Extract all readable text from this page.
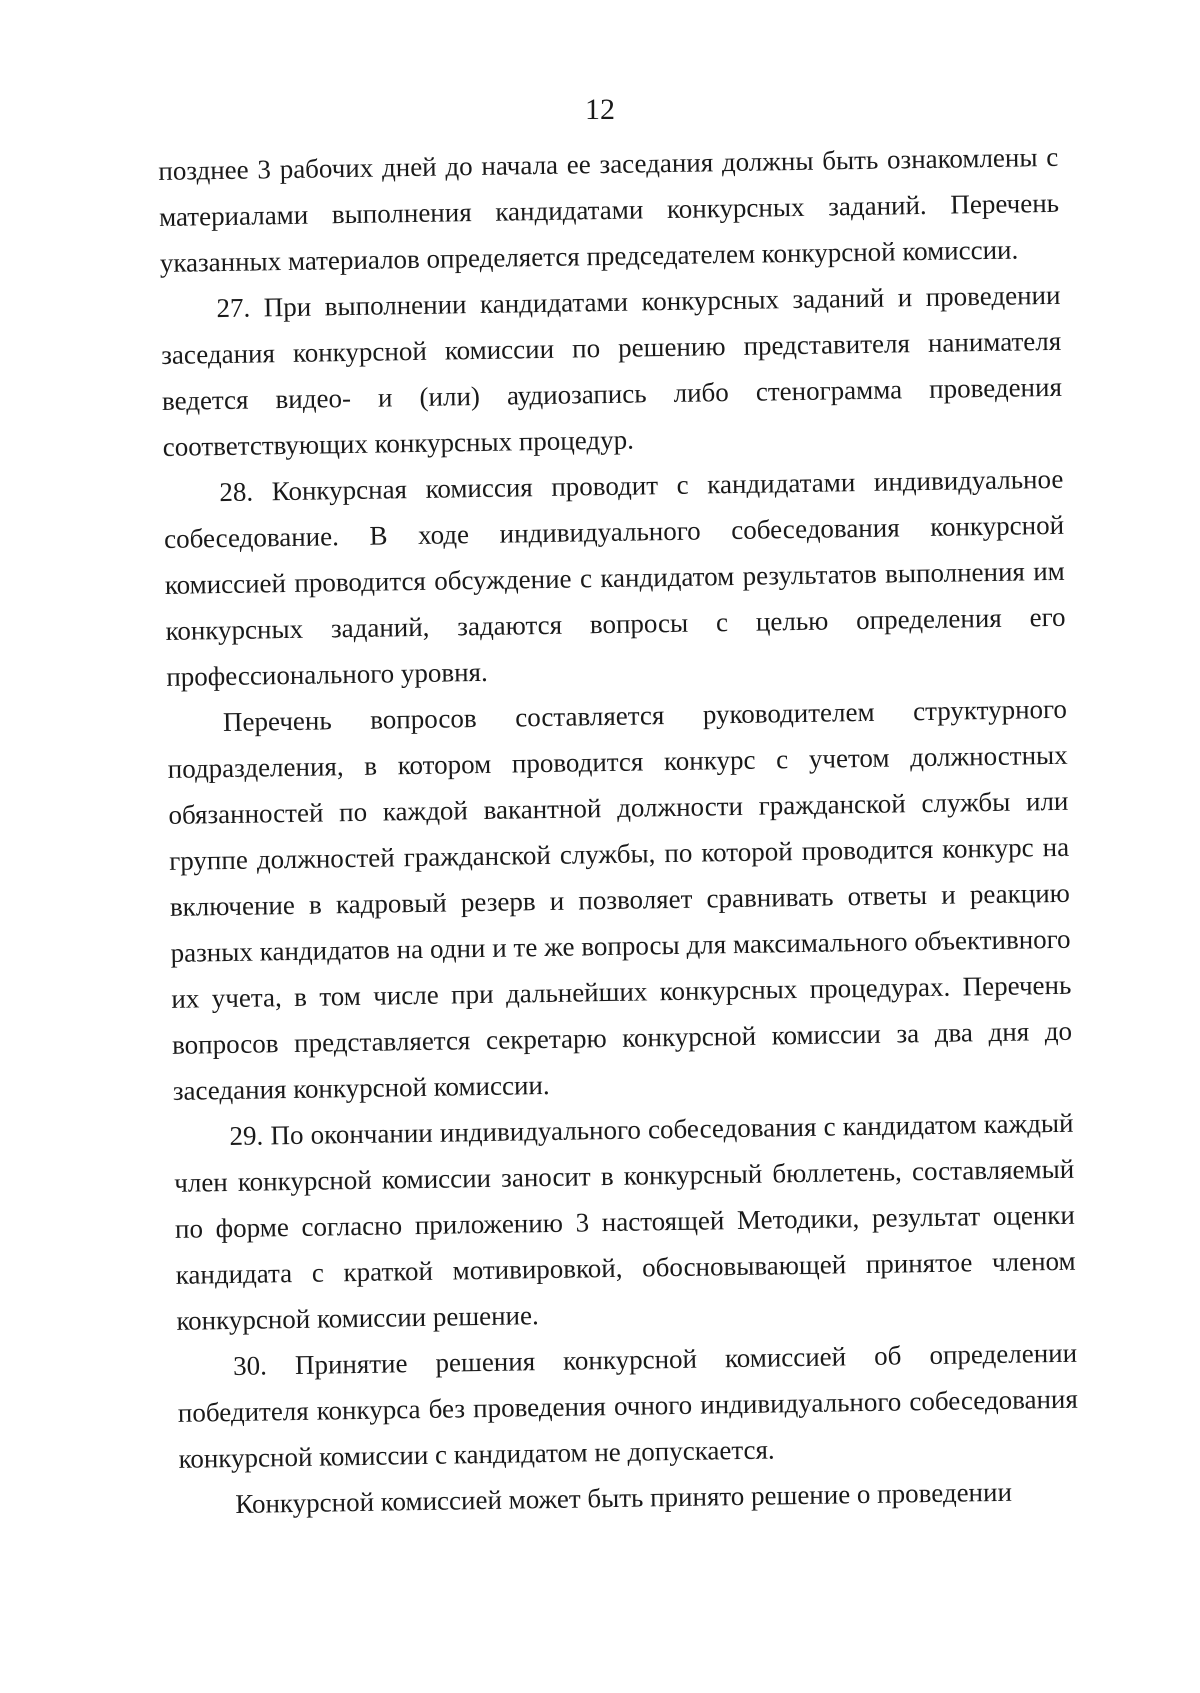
12

позднее 3 рабочих дней до начала ее заседания должны быть ознакомлены с материалами выполнения кандидатами конкурсных заданий. Перечень указанных материалов определяется председателем конкурсной комиссии.

27. При выполнении кандидатами конкурсных заданий и проведении заседания конкурсной комиссии по решению представителя нанимателя ведется видео- и (или) аудиозапись либо стенограмма проведения соответствующих конкурсных процедур.

28. Конкурсная комиссия проводит с кандидатами индивидуальное собеседование. В ходе индивидуального собеседования конкурсной комиссией проводится обсуждение с кандидатом результатов выполнения им конкурсных заданий, задаются вопросы с целью определения его профессионального уровня.

Перечень вопросов составляется руководителем структурного подразделения, в котором проводится конкурс с учетом должностных обязанностей по каждой вакантной должности гражданской службы или группе должностей гражданской службы, по которой проводится конкурс на включение в кадровый резерв и позволяет сравнивать ответы и реакцию разных кандидатов на одни и те же вопросы для максимального объективного их учета, в том числе при дальнейших конкурсных процедурах. Перечень вопросов представляется секретарю конкурсной комиссии за два дня до заседания конкурсной комиссии.

29. По окончании индивидуального собеседования с кандидатом каждый член конкурсной комиссии заносит в конкурсный бюллетень, составляемый по форме согласно приложению 3 настоящей Методики, результат оценки кандидата с краткой мотивировкой, обосновывающей принятое членом конкурсной комиссии решение.

30. Принятие решения конкурсной комиссией об определении победителя конкурса без проведения очного индивидуального собеседования конкурсной комиссии с кандидатом не допускается.

Конкурсной комиссией может быть принято решение о проведении
